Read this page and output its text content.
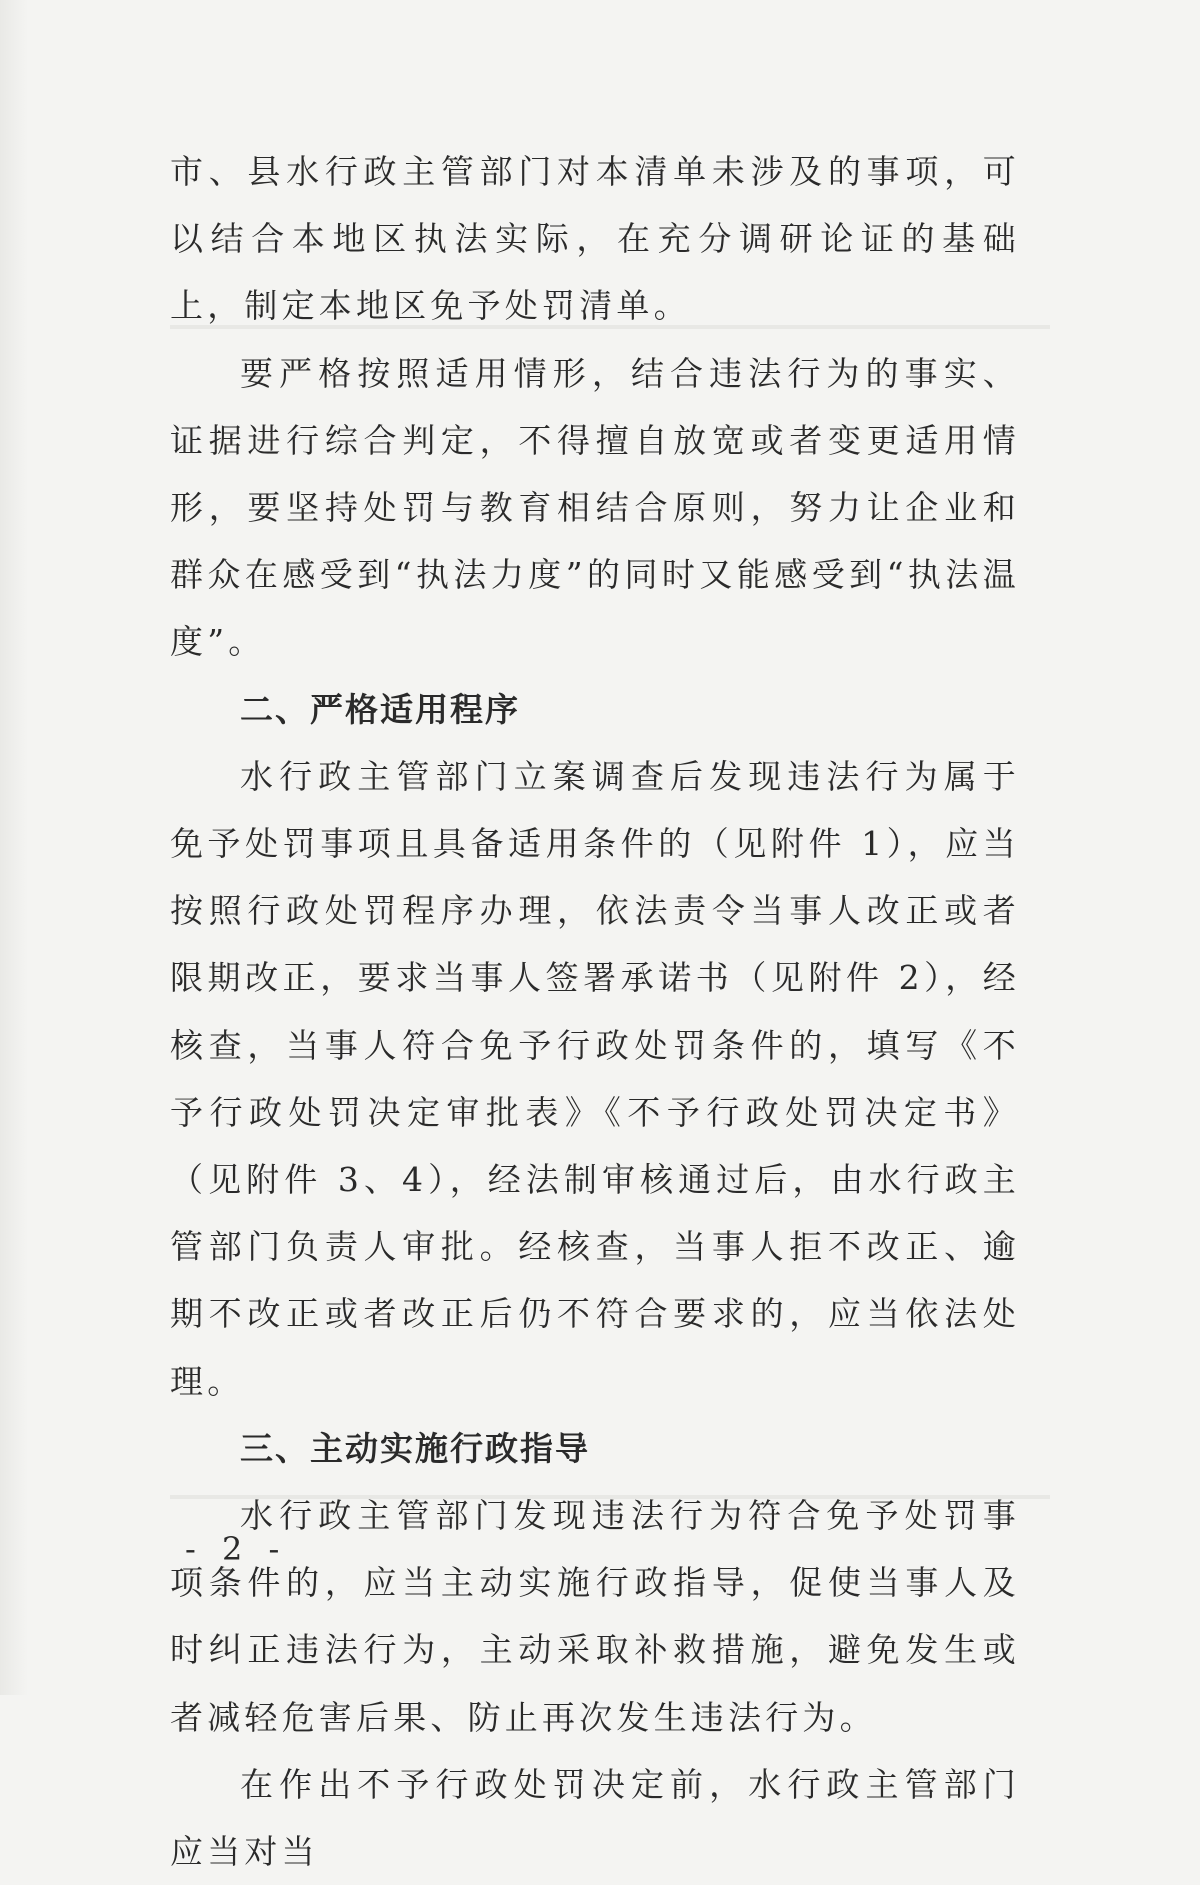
市、县水行政主管部门对本清单未涉及的事项，可以结合本地区执法实际，在充分调研论证的基础上，制定本地区免予处罚清单。

要严格按照适用情形，结合违法行为的事实、证据进行综合判定，不得擅自放宽或者变更适用情形，要坚持处罚与教育相结合原则，努力让企业和群众在感受到“执法力度”的同时又能感受到“执法温度”。

二、严格适用程序

水行政主管部门立案调查后发现违法行为属于免予处罚事项且具备适用条件的（见附件 1），应当按照行政处罚程序办理，依法责令当事人改正或者限期改正，要求当事人签署承诺书（见附件 2），经核查，当事人符合免予行政处罚条件的，填写《不予行政处罚决定审批表》《不予行政处罚决定书》（见附件 3、4），经法制审核通过后，由水行政主管部门负责人审批。经核查，当事人拒不改正、逾期不改正或者改正后仍不符合要求的，应当依法处理。

三、主动实施行政指导

水行政主管部门发现违法行为符合免予处罚事项条件的，应当主动实施行政指导，促使当事人及时纠正违法行为，主动采取补救措施，避免发生或者减轻危害后果、防止再次发生违法行为。

在作出不予行政处罚决定前，水行政主管部门应当对当

- 2 -
